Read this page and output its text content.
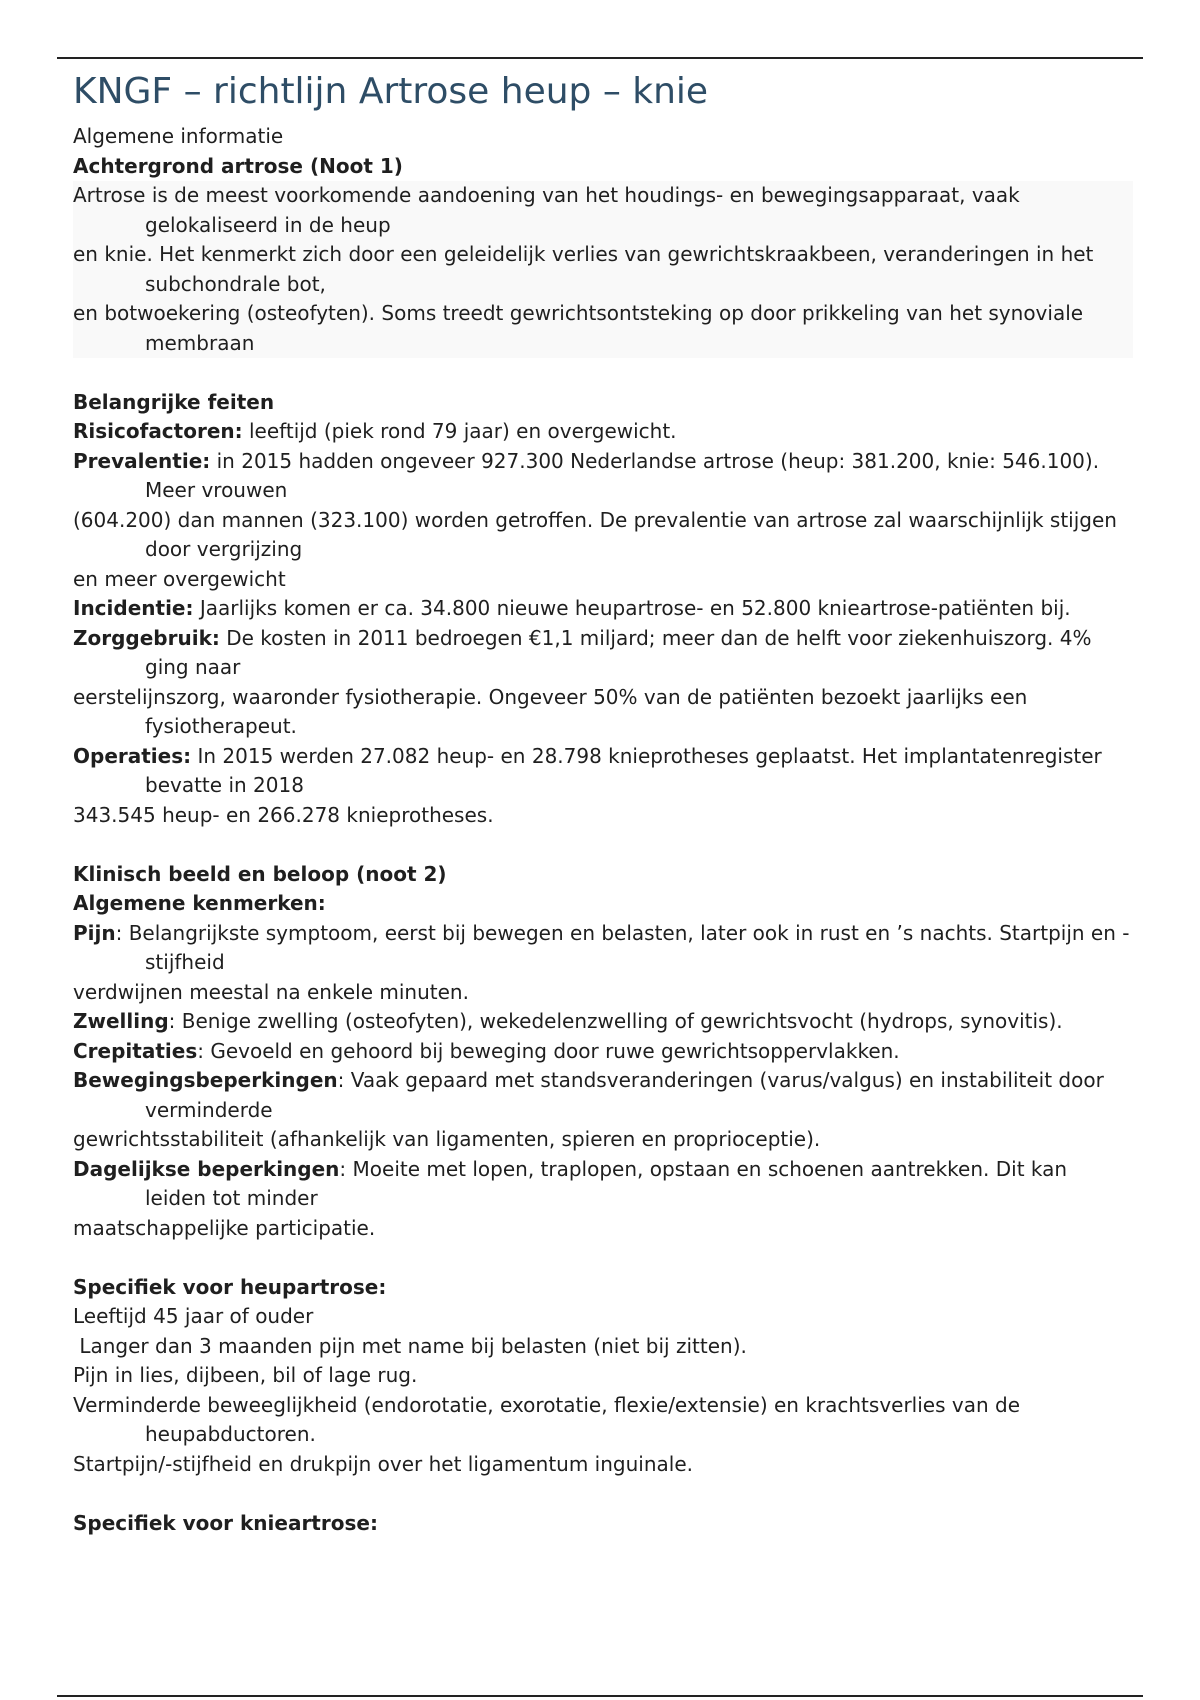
KNGF – richtlijn Artrose heup – knie

Algemene informatie

Achtergrond artrose (Noot 1)

Artrose is de meest voorkomende aandoening van het houdings- en bewegingsapparaat, vaak gelokaliseerd in de heup

en knie. Het kenmerkt zich door een geleidelijk verlies van gewrichtskraakbeen, veranderingen in het subchondrale bot,

en botwoekering (osteofyten). Soms treedt gewrichtsontsteking op door prikkeling van het synoviale membraan

Belangrijke feiten

Risicofactoren: leeftijd (piek rond 79 jaar) en overgewicht.

Prevalentie: in 2015 hadden ongeveer 927.300 Nederlandse artrose (heup: 381.200, knie: 546.100). Meer vrouwen

(604.200) dan mannen (323.100) worden getroffen. De prevalentie van artrose zal waarschijnlijk stijgen door vergrijzing

en meer overgewicht

Incidentie: Jaarlijks komen er ca. 34.800 nieuwe heupartrose- en 52.800 knieartrose-patiënten bij.

Zorggebruik: De kosten in 2011 bedroegen €1,1 miljard; meer dan de helft voor ziekenhuiszorg. 4% ging naar

eerstelijnszorg, waaronder fysiotherapie. Ongeveer 50% van de patiënten bezoekt jaarlijks een fysiotherapeut.

Operaties: In 2015 werden 27.082 heup- en 28.798 knieprotheses geplaatst. Het implantatenregister bevatte in 2018

343.545 heup- en 266.278 knieprotheses.

Klinisch beeld en beloop (noot 2)

Algemene kenmerken:

Pijn: Belangrijkste symptoom, eerst bij bewegen en belasten, later ook in rust en ’s nachts. Startpijn en -stijfheid

verdwijnen meestal na enkele minuten.

Zwelling: Benige zwelling (osteofyten), wekedelenzwelling of gewrichtsvocht (hydrops, synovitis).

Crepitaties: Gevoeld en gehoord bij beweging door ruwe gewrichtsoppervlakken.

Bewegingsbeperkingen: Vaak gepaard met standsveranderingen (varus/valgus) en instabiliteit door verminderde

gewrichtsstabiliteit (afhankelijk van ligamenten, spieren en proprioceptie).

Dagelijkse beperkingen: Moeite met lopen, traplopen, opstaan en schoenen aantrekken. Dit kan leiden tot minder

maatschappelijke participatie.

Specifiek voor heupartrose:

Leeftijd 45 jaar of ouder

Langer dan 3 maanden pijn met name bij belasten (niet bij zitten).

Pijn in lies, dijbeen, bil of lage rug.

Verminderde beweeglijkheid (endorotatie, exorotatie, flexie/extensie) en krachtsverlies van de heupabductoren.

Startpijn/-stijfheid en drukpijn over het ligamentum inguinale.

Specifiek voor knieartrose:
